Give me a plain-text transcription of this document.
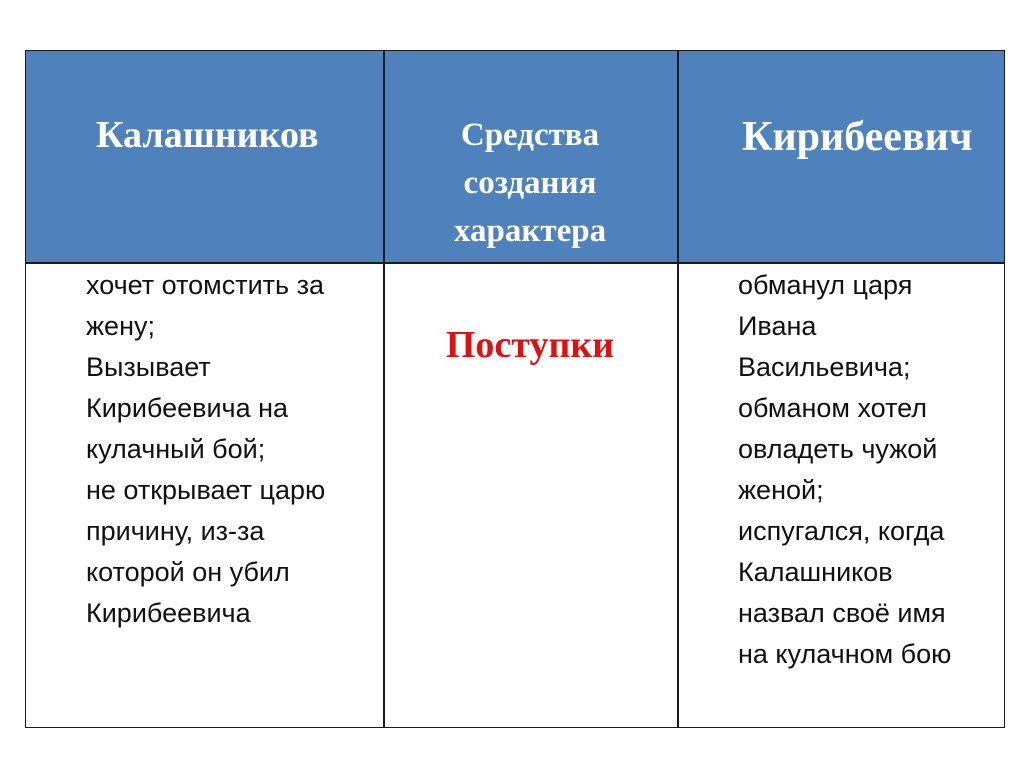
Калашников	Средства
создания
характера
Кирибеевич
хочет отомстить за
жену;
Вызывает
Кирибеевича на
кулачный бой;
не открывает царю
причину, из-за
которой он убил
Кирибеевича
Поступки
обманул царя
Ивана
Васильевича;
обманом хотел
овладеть чужой
женой;
испугался, когда
Калашников
назвал своё имя
на кулачном бою
